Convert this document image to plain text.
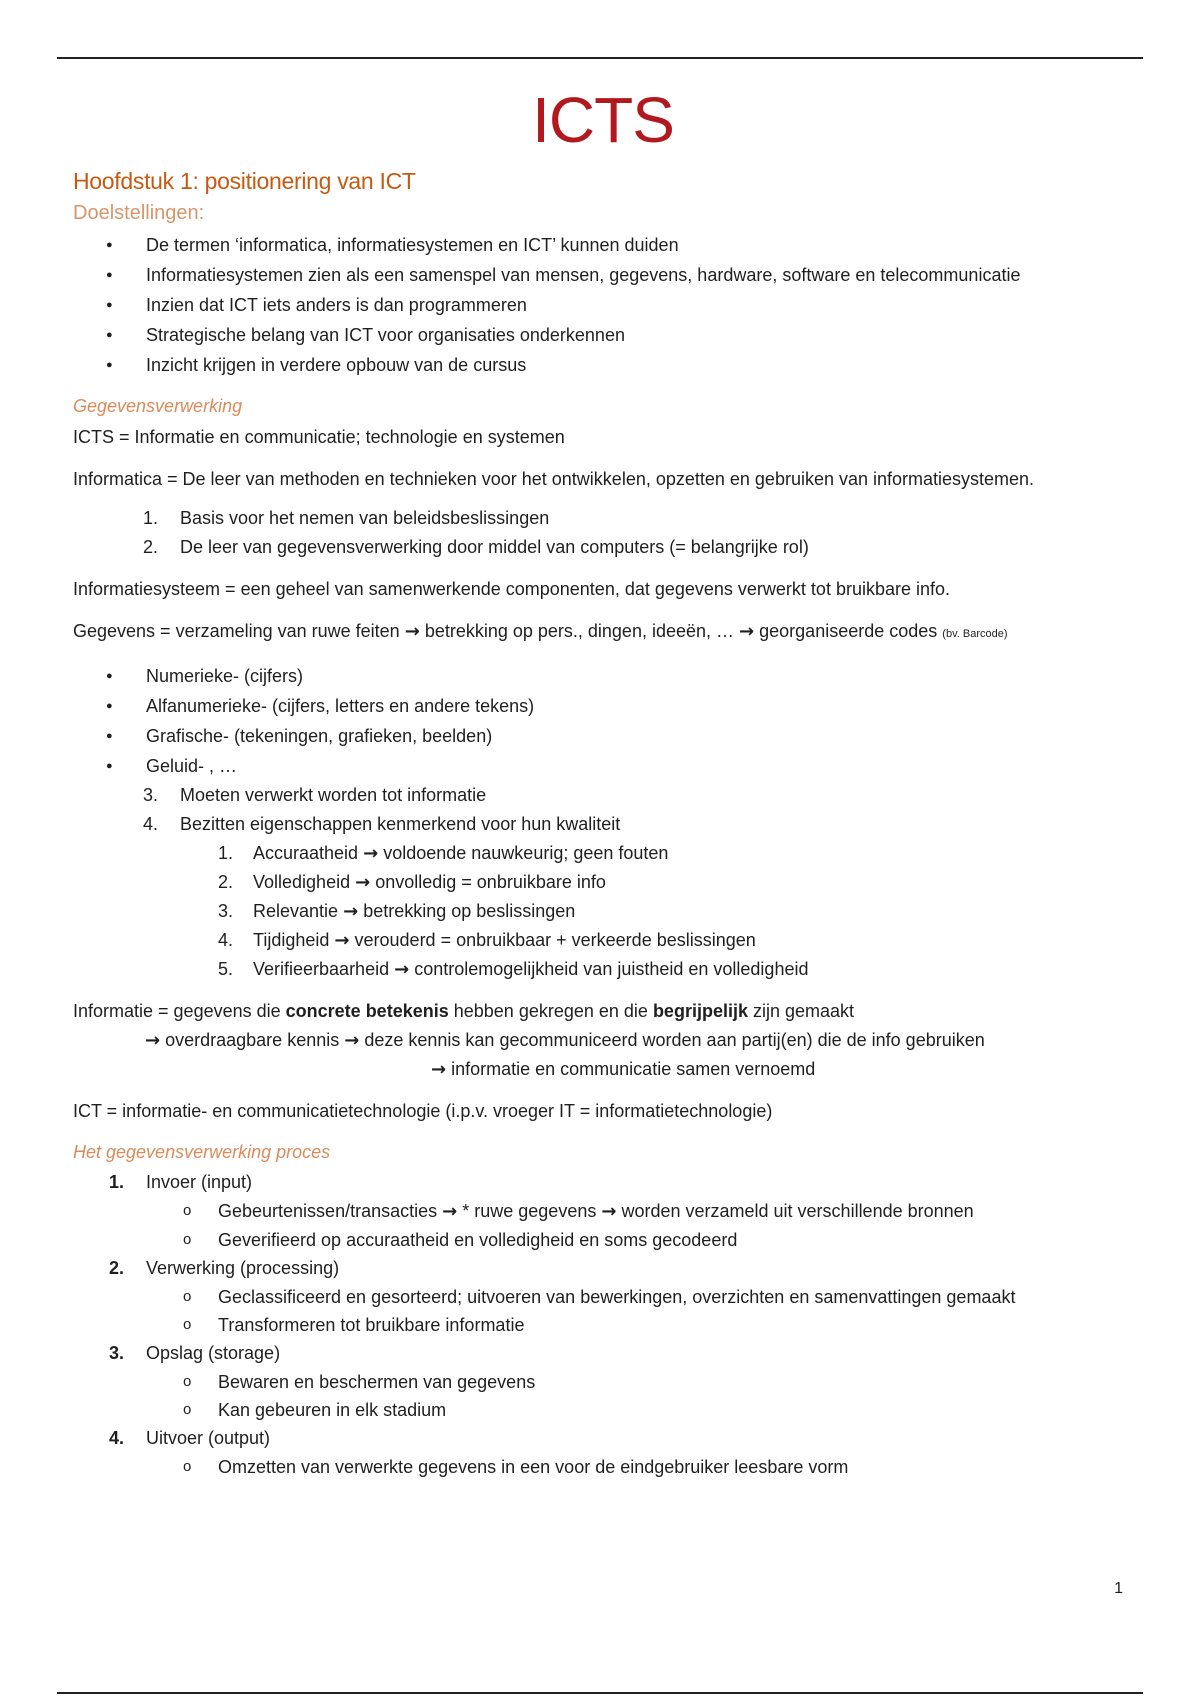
ICTS
Hoofdstuk 1: positionering van ICT
Doelstellingen:
● De termen ‘informatica, informatiesystemen en ICT’ kunnen duiden
● Informatiesystemen zien als een samenspel van mensen, gegevens, hardware, software en telecommunicatie
● Inzien dat ICT iets anders is dan programmeren
● Strategische belang van ICT voor organisaties onderkennen
● Inzicht krijgen in verdere opbouw van de cursus
Gegevensverwerking

ICTS = Informatie en communicatie; technologie en systemen

Informatica = De leer van methoden en technieken voor het ontwikkelen, opzetten en gebruiken van informatiesystemen.

1. Basis voor het nemen van beleidsbeslissingen
2. De leer van gegevensverwerking door middel van computers (= belangrijke rol)

Informatiesysteem = een geheel van samenwerkende componenten, dat gegevens verwerkt tot bruikbare info.

Gegevens = verzameling van ruwe feiten → betrekking op pers., dingen, ideeën, … → georganiseerde codes (bv. Barcode)

● Numerieke- (cijfers)
● Alfanumerieke- (cijfers, letters en andere tekens)
● Grafische- (tekeningen, grafieken, beelden)
● Geluid- , …
3. Moeten verwerkt worden tot informatie
4. Bezitten eigenschappen kenmerkend voor hun kwaliteit
1. Accuraatheid → voldoende nauwkeurig; geen fouten
2. Volledigheid → onvolledig = onbruikbare info
3. Relevantie → betrekking op beslissingen
4. Tijdigheid → verouderd = onbruikbaar + verkeerde beslissingen
5. Verifieerbaarheid → controlemogelijkheid van juistheid en volledigheid

Informatie = gegevens die concrete betekenis hebben gekregen en die begrijpelijk zijn gemaakt

→ overdraagbare kennis → deze kennis kan gecommuniceerd worden aan partij(en) die de info gebruiken

→ informatie en communicatie samen vernoemd

ICT = informatie- en communicatietechnologie (i.p.v. vroeger IT = informatietechnologie)

Het gegevensverwerking proces
1. Invoer (input)
o Gebeurtenissen/transacties → * ruwe gegevens → worden verzameld uit verschillende bronnen
o Geverifieerd op accuraatheid en volledigheid en soms gecodeerd
2. Verwerking (processing)
o Geclassificeerd en gesorteerd; uitvoeren van bewerkingen, overzichten en samenvattingen gemaakt
o Transformeren tot bruikbare informatie
3. Opslag (storage)
o Bewaren en beschermen van gegevens
o Kan gebeuren in elk stadium
4. Uitvoer (output)
o Omzetten van verwerkte gegevens in een voor de eindgebruiker leesbare vorm
1
